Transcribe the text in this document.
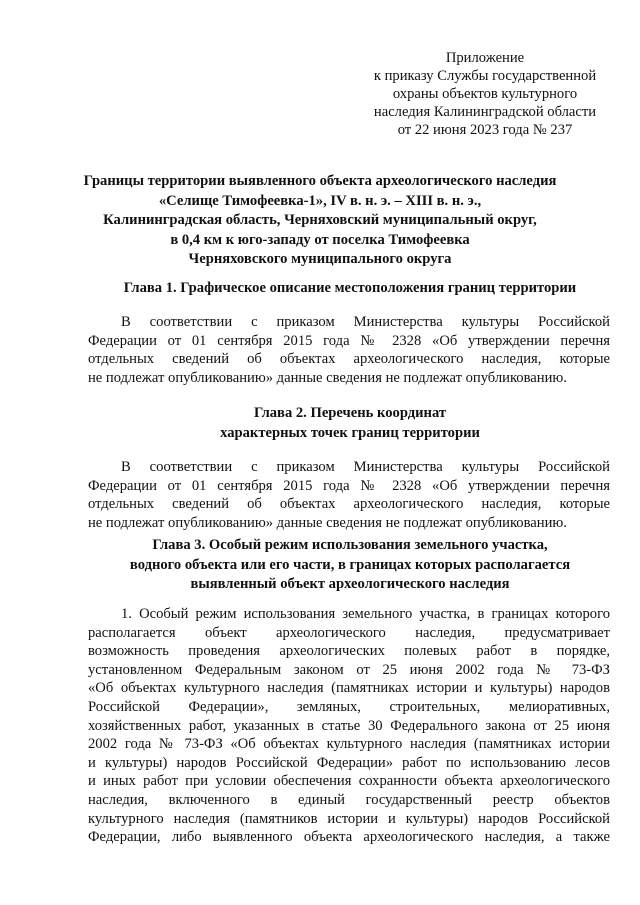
Приложение
к приказу Службы государственной
охраны объектов культурного
наследия Калининградской области
от 22 июня 2023 года № 237
Границы территории выявленного объекта археологического наследия
«Селище Тимофеевка-1», IV в. н. э. – XIII в. н. э.,
Калининградская область, Черняховский муниципальный округ,
в 0,4 км к юго-западу от поселка Тимофеевка
Черняховского муниципального округа
Глава 1. Графическое описание местоположения границ территории
В соответствии с приказом Министерства культуры Российской
Федерации от 01 сентября 2015 года № 2328 «Об утверждении перечня
отдельных сведений об объектах археологического наследия, которые
не подлежат опубликованию» данные сведения не подлежат опубликованию.
Глава 2. Перечень координат
характерных точек границ территории
В соответствии с приказом Министерства культуры Российской
Федерации от 01 сентября 2015 года № 2328 «Об утверждении перечня
отдельных сведений об объектах археологического наследия, которые
не подлежат опубликованию» данные сведения не подлежат опубликованию.
Глава 3. Особый режим использования земельного участка,
водного объекта или его части, в границах которых располагается
выявленный объект археологического наследия
1. Особый режим использования земельного участка, в границах которого
располагается объект археологического наследия, предусматривает
возможность проведения археологических полевых работ в порядке,
установленном Федеральным законом от 25 июня 2002 года № 73-ФЗ
«Об объектах культурного наследия (памятниках истории и культуры) народов
Российской Федерации», земляных, строительных, мелиоративных,
хозяйственных работ, указанных в статье 30 Федерального закона от 25 июня
2002 года № 73-ФЗ «Об объектах культурного наследия (памятниках истории
и культуры) народов Российской Федерации» работ по использованию лесов
и иных работ при условии обеспечения сохранности объекта археологического
наследия, включенного в единый государственный реестр объектов
культурного наследия (памятников истории и культуры) народов Российской
Федерации, либо выявленного объекта археологического наследия, а также
